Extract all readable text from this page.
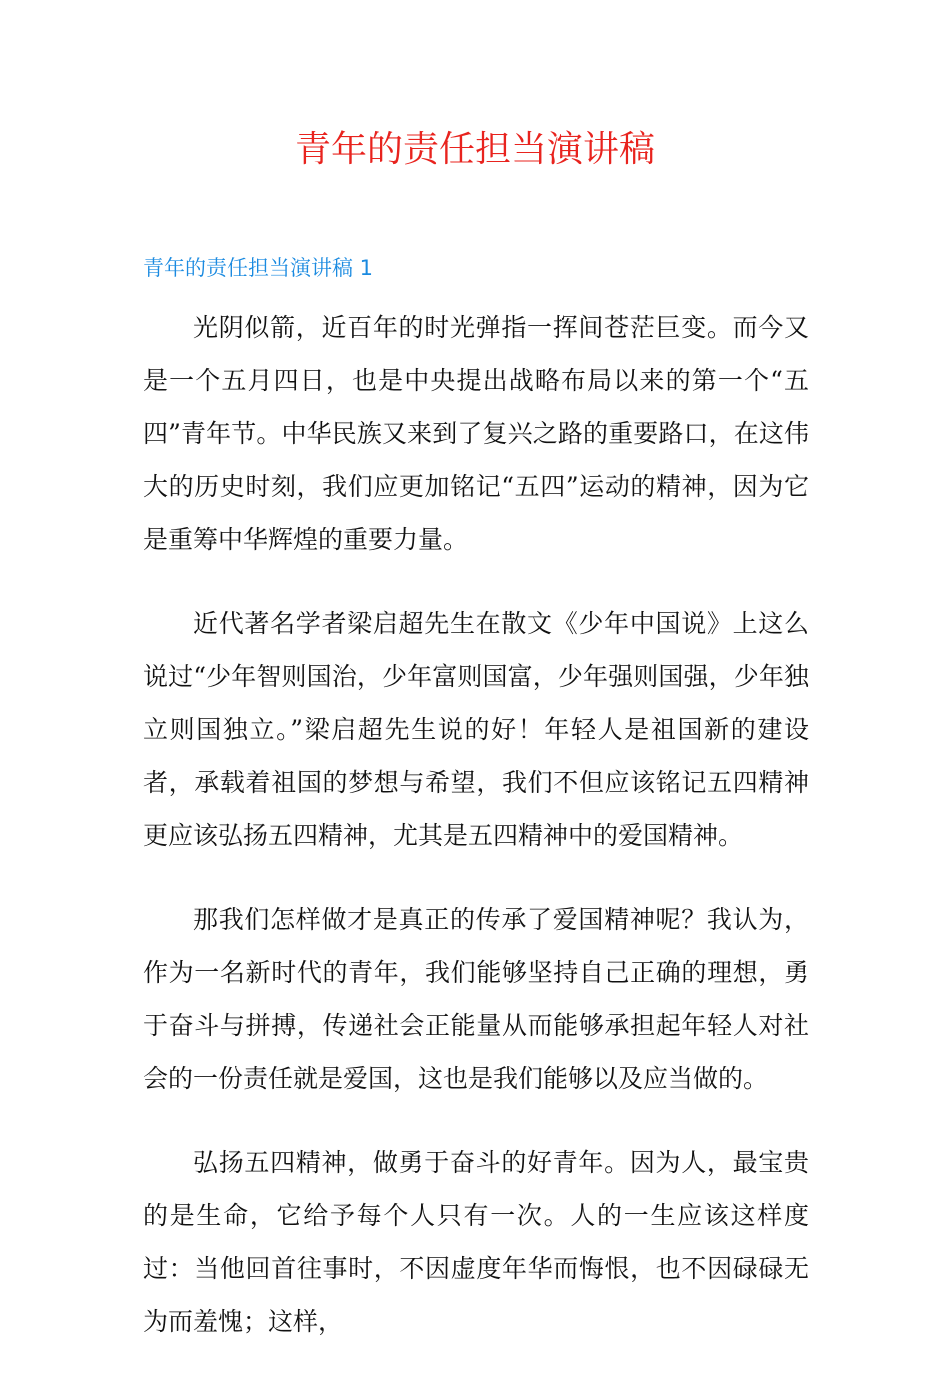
青年的责任担当演讲稿
青年的责任担当演讲稿 1

光阴似箭，近百年的时光弹指一挥间苍茫巨变。而今又是一个五月四日，也是中央提出战略布局以来的第一个“五四”青年节。中华民族又来到了复兴之路的重要路口，在这伟大的历史时刻，我们应更加铭记“五四”运动的精神，因为它是重筹中华辉煌的重要力量。

近代著名学者梁启超先生在散文《少年中国说》上这么说过“少年智则国治，少年富则国富，少年强则国强，少年独立则国独立。”梁启超先生说的好！年轻人是祖国新的建设者，承载着祖国的梦想与希望，我们不但应该铭记五四精神更应该弘扬五四精神，尤其是五四精神中的爱国精神。

那我们怎样做才是真正的传承了爱国精神呢？我认为，作为一名新时代的青年，我们能够坚持自己正确的理想，勇于奋斗与拼搏，传递社会正能量从而能够承担起年轻人对社会的一份责任就是爱国，这也是我们能够以及应当做的。

弘扬五四精神，做勇于奋斗的好青年。因为人，最宝贵的是生命，它给予每个人只有一次。人的一生应该这样度过：当他回首往事时，不因虚度年华而悔恨，也不因碌碌无为而羞愧；这样，
